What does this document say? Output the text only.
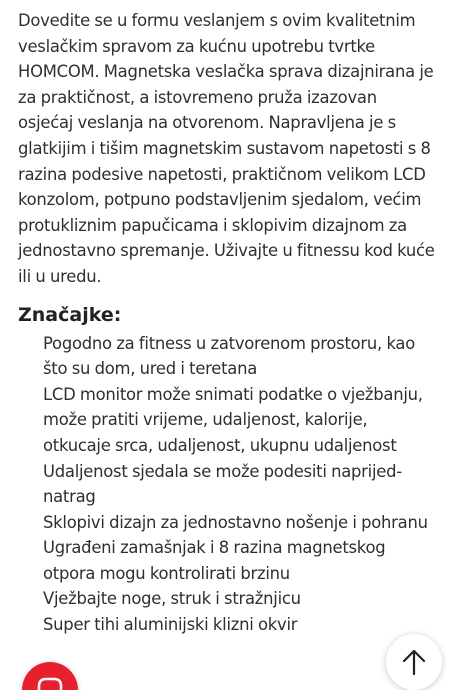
Dovedite se u formu veslanjem s ovim kvalitetnim veslačkim spravom za kućnu upotrebu tvrtke HOMCOM. Magnetska veslačka sprava dizajnirana je za praktičnost, a istovremeno pruža izazovan osjećaj veslanja na otvorenom. Napravljena je s glatkijim i tišim magnetskim sustavom napetosti s 8 razina podesive napetosti, praktičnom velikom LCD konzolom, potpuno podstavljenim sjedalom, većim protukliznim papučicama i sklopivim dizajnom za jednostavno spremanje. Uživajte u fitnessu kod kuće ili u uredu.

Značajke:
Pogodno za fitness u zatvorenom prostoru, kao što su dom, ured i teretana
LCD monitor može snimati podatke o vježbanju, može pratiti vrijeme, udaljenost, kalorije, otkucaje srca, udaljenost, ukupnu udaljenost
Udaljenost sjedala se može podesiti naprijed-natrag
Sklopivi dizajn za jednostavno nošenje i pohranu
Ugrađeni zamašnjak i 8 razina magnetskog otpora mogu kontrolirati brzinu
Vježbajte noge, struk i stražnjicu
Super tihi aluminijski klizni okvir
